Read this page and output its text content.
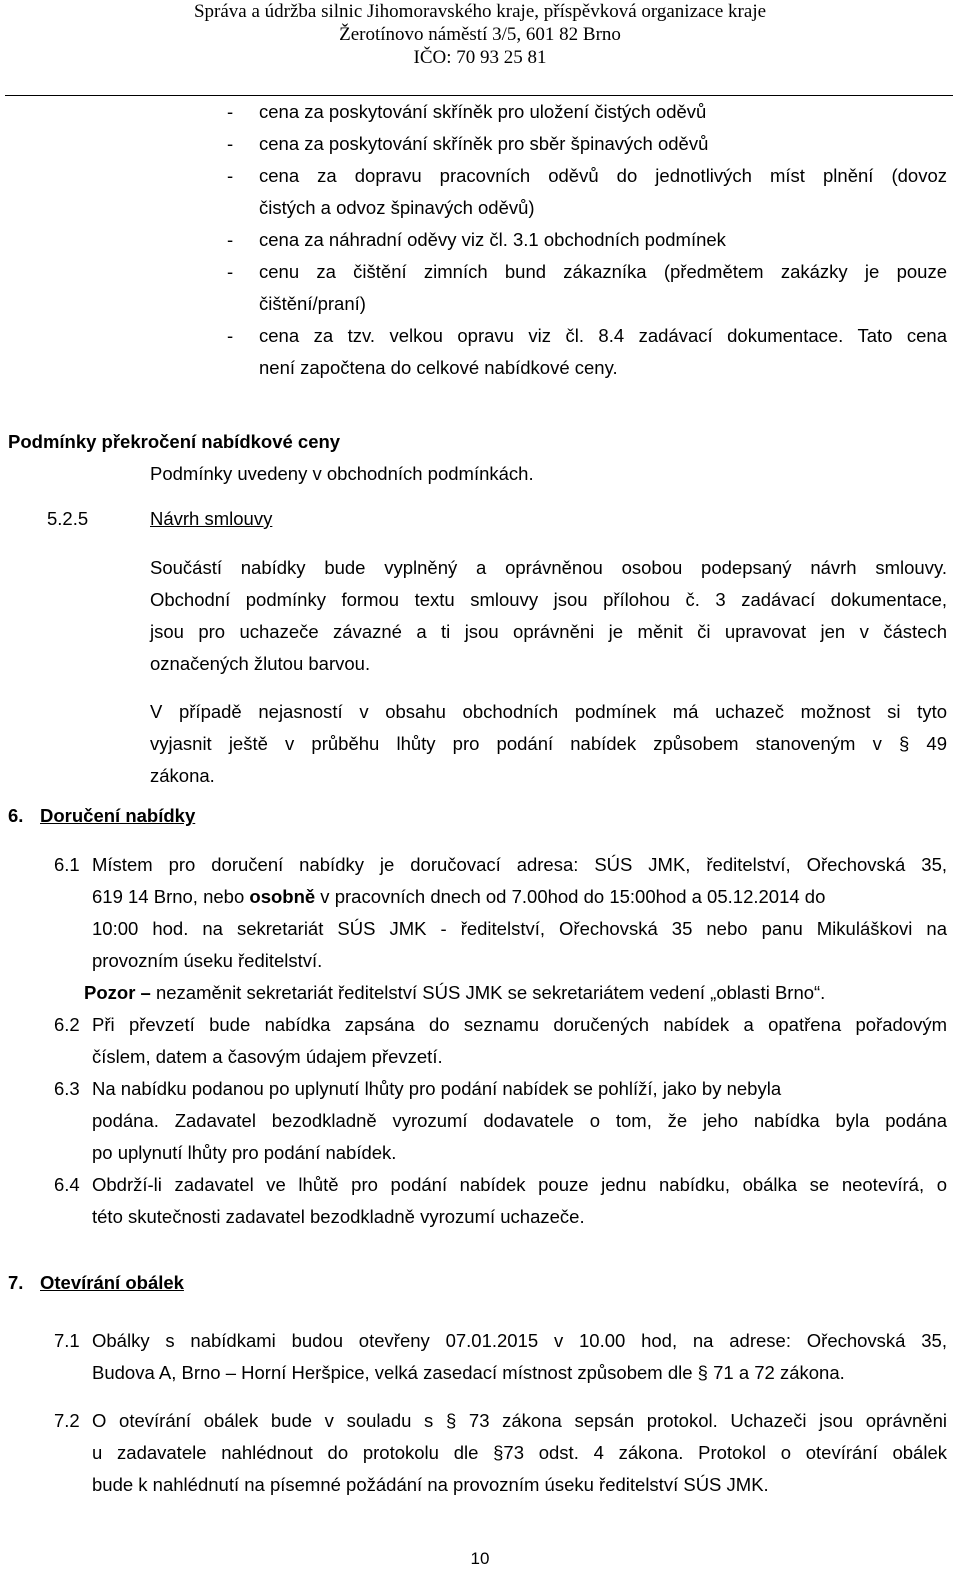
Správa a údržba silnic Jihomoravského kraje, příspěvková organizace kraje
Žerotínovo náměstí 3/5, 601 82 Brno
IČO: 70 93 25 81
- cena za poskytování skříněk pro uložení čistých oděvů
- cena za poskytování skříněk pro sběr špinavých oděvů
- cena za dopravu pracovních oděvů do jednotlivých míst plnění (dovoz
čistých a odvoz špinavých oděvů)
- cena za náhradní oděvy viz čl. 3.1 obchodních podmínek
- cenu za čištění zimních bund zákazníka (předmětem zakázky je pouze
čištění/praní)
- cena za tzv. velkou opravu viz čl. 8.4 zadávací dokumentace. Tato cena
není započtena do celkové nabídkové ceny.
Podmínky překročení nabídkové ceny
Podmínky uvedeny v obchodních podmínkách.
5.2.5	Návrh smlouvy
Součástí nabídky bude vyplněný a oprávněnou osobou podepsaný návrh smlouvy.
Obchodní podmínky formou textu smlouvy jsou přílohou č. 3 zadávací dokumentace,
jsou pro uchazeče závazné a ti jsou oprávněni je měnit či upravovat jen v částech
označených žlutou barvou.
V případě nejasností v obsahu obchodních podmínek má uchazeč možnost si tyto
vyjasnit ještě v průběhu lhůty pro podání nabídek způsobem stanoveným v § 49
zákona.
6. Doručení nabídky
6.1 Místem pro doručení nabídky je doručovací adresa: SÚS JMK, ředitelství, Ořechovská 35,
619 14 Brno, nebo osobně v pracovních dnech od 7.00hod do 15:00hod a 05.12.2014 do
10:00 hod. na sekretariát SÚS JMK - ředitelství, Ořechovská 35 nebo panu Mikuláškovi na
provozním úseku ředitelství.
Pozor – nezaměnit sekretariát ředitelství SÚS JMK se sekretariátem vedení „oblasti Brno“.
6.2 Při převzetí bude nabídka zapsána do seznamu doručených nabídek a opatřena pořadovým
číslem, datem a časovým údajem převzetí.
6.3 Na nabídku podanou po uplynutí lhůty pro podání nabídek se pohlíží, jako by nebyla
podána. Zadavatel bezodkladně vyrozumí dodavatele o tom, že jeho nabídka byla podána
po uplynutí lhůty pro podání nabídek.
6.4 Obdrží-li zadavatel ve lhůtě pro podání nabídek pouze jednu nabídku, obálka se neotevírá, o
této skutečnosti zadavatel bezodkladně vyrozumí uchazeče.
7. Otevírání obálek
7.1 Obálky s nabídkami budou otevřeny 07.01.2015 v 10.00 hod, na adrese: Ořechovská 35,
Budova A, Brno – Horní Heršpice, velká zasedací místnost způsobem dle § 71 a 72 zákona.
7.2 O otevírání obálek bude v souladu s § 73 zákona sepsán protokol. Uchazeči jsou oprávněni
u zadavatele nahlédnout do protokolu dle §73 odst. 4 zákona. Protokol o otevírání obálek
bude k nahlédnutí na písemné požádání na provozním úseku ředitelství SÚS JMK.
10
